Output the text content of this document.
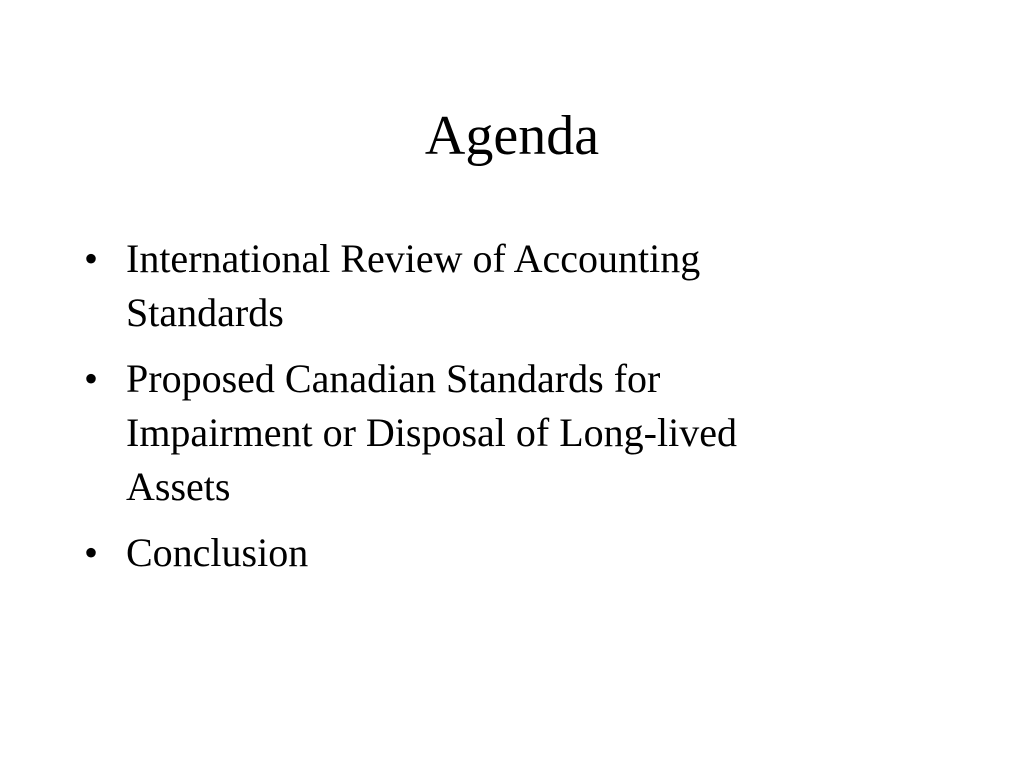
Agenda
• International Review of Accounting Standards
• Proposed Canadian Standards for Impairment or Disposal of Long-lived Assets
• Conclusion
